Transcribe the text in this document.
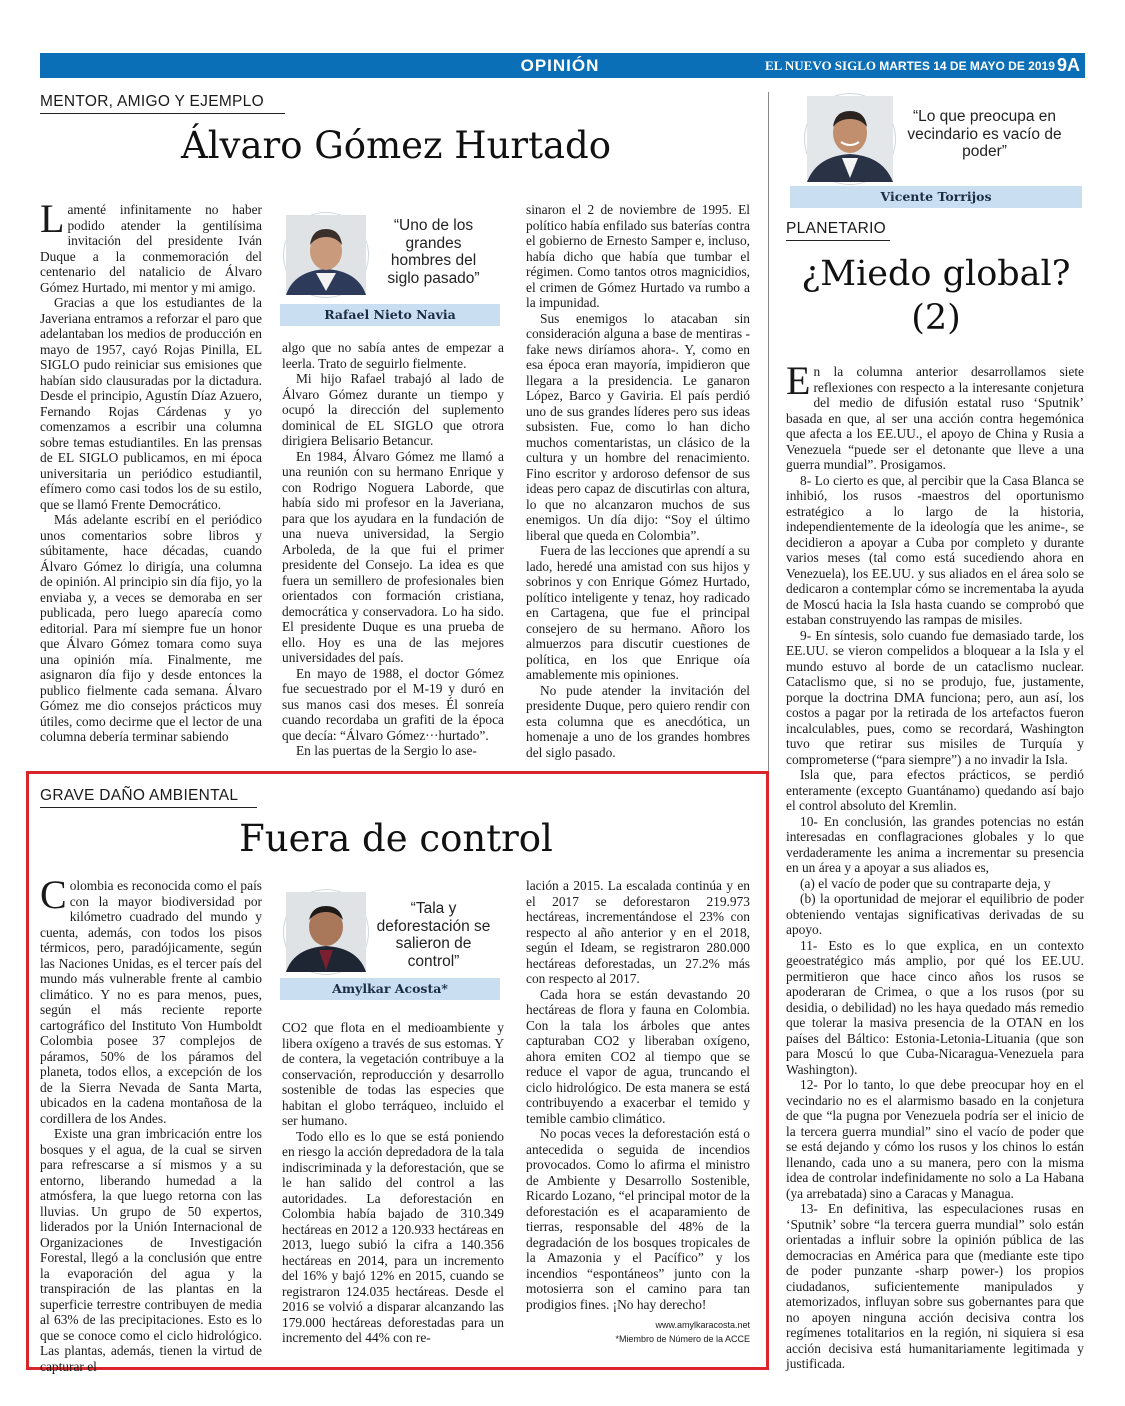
OPINIÓN	EL NUEVO SIGLO MARTES 14 DE MAYO DE 2019 9A
MENTOR, AMIGO Y EJEMPLO
Álvaro Gómez Hurtado

Lamenté infinitamente no haber podido atender la gentilísima invitación del presidente Iván Duque a la conmemoración del centenario del natalicio de Álvaro Gómez Hurtado, mi mentor y mi amigo.

Gracias a que los estudiantes de la Javeriana entramos a reforzar el paro que adelantaban los medios de producción en mayo de 1957, cayó Rojas Pinilla, EL SIGLO pudo reiniciar sus emisiones que habían sido clausuradas por la dictadura. Desde el principio, Agustín Díaz Azuero, Fernando Rojas Cárdenas y yo comenzamos a escribir una columna sobre temas estudiantiles. En las prensas de EL SIGLO publicamos, en mi época universitaria un periódico estudiantil, efímero como casi todos los de su estilo, que se llamó Frente Democrático.

Más adelante escribí en el periódico unos comentarios sobre libros y súbitamente, hace décadas, cuando Álvaro Gómez lo dirigía, una columna de opinión. Al principio sin día fijo, yo la enviaba y, a veces se demoraba en ser publicada, pero luego aparecía como editorial. Para mí siempre fue un honor que Álvaro Gómez tomara como suya una opinión mía. Finalmente, me asignaron día fijo y desde entonces la publico fielmente cada semana. Álvaro Gómez me dio consejos prácticos muy útiles, como decirme que el lector de una columna debería terminar sabiendo

“Uno de los grandes hombres del siglo pasado”
Rafael Nieto Navia

algo que no sabía antes de empezar a leerla. Trato de seguirlo fielmente.

Mi hijo Rafael trabajó al lado de Álvaro Gómez durante un tiempo y ocupó la dirección del suplemento dominical de EL SIGLO que otrora dirigiera Belisario Betancur.

En 1984, Álvaro Gómez me llamó a una reunión con su hermano Enrique y con Rodrigo Noguera Laborde, que había sido mi profesor en la Javeriana, para que los ayudara en la fundación de una nueva universidad, la Sergio Arboleda, de la que fui el primer presidente del Consejo. La idea es que fuera un semillero de profesionales bien orientados con formación cristiana, democrática y conservadora. Lo ha sido. El presidente Duque es una prueba de ello. Hoy es una de las mejores universidades del país.

En mayo de 1988, el doctor Gómez fue secuestrado por el M-19 y duró en sus manos casi dos meses. Él sonreía cuando recordaba un grafiti de la época que decía: “Álvaro Gómez···hurtado”.

En las puertas de la Sergio lo ase-

sinaron el 2 de noviembre de 1995. El político había enfilado sus baterías contra el gobierno de Ernesto Samper e, incluso, había dicho que había que tumbar el régimen. Como tantos otros magnicidios, el crimen de Gómez Hurtado va rumbo a la impunidad.

Sus enemigos lo atacaban sin consideración alguna a base de mentiras -fake news diríamos ahora-. Y, como en esa época eran mayoría, impidieron que llegara a la presidencia. Le ganaron López, Barco y Gaviria. El país perdió uno de sus grandes líderes pero sus ideas subsisten. Fue, como lo han dicho muchos comentaristas, un clásico de la cultura y un hombre del renacimiento. Fino escritor y ardoroso defensor de sus ideas pero capaz de discutirlas con altura, lo que no alcanzaron muchos de sus enemigos. Un día dijo: “Soy el último liberal que queda en Colombia”.

Fuera de las lecciones que aprendí a su lado, heredé una amistad con sus hijos y sobrinos y con Enrique Gómez Hurtado, político inteligente y tenaz, hoy radicado en Cartagena, que fue el principal consejero de su hermano. Añoro los almuerzos para discutir cuestiones de política, en los que Enrique oía amablemente mis opiniones.

No pude atender la invitación del presidente Duque, pero quiero rendir con esta columna que es anecdótica, un homenaje a uno de los grandes hombres del siglo pasado.

GRAVE DAÑO AMBIENTAL
Fuera de control

Colombia es reconocida como el país con la mayor biodiversidad por kilómetro cuadrado del mundo y cuenta, además, con todos los pisos térmicos, pero, paradójicamente, según las Naciones Unidas, es el tercer país del mundo más vulnerable frente al cambio climático. Y no es para menos, pues, según el más reciente reporte cartográfico del Instituto Von Humboldt Colombia posee 37 complejos de páramos, 50% de los páramos del planeta, todos ellos, a excepción de los de la Sierra Nevada de Santa Marta, ubicados en la cadena montañosa de la cordillera de los Andes.

Existe una gran imbricación entre los bosques y el agua, de la cual se sirven para refrescarse a sí mismos y a su entorno, liberando humedad a la atmósfera, la que luego retorna con las lluvias. Un grupo de 50 expertos, liderados por la Unión Internacional de Organizaciones de Investigación Forestal, llegó a la conclusión que entre la evaporación del agua y la transpiración de las plantas en la superficie terrestre contribuyen de media al 63% de las precipitaciones. Esto es lo que se conoce como el ciclo hidrológico. Las plantas, además, tienen la virtud de capturar el

“Tala y deforestación se salieron de control”
Amylkar Acosta*

CO2 que flota en el medioambiente y libera oxígeno a través de sus estomas. Y de contera, la vegetación contribuye a la conservación, reproducción y desarrollo sostenible de todas las especies que habitan el globo terráqueo, incluido el ser humano.

Todo ello es lo que se está poniendo en riesgo la acción depredadora de la tala indiscriminada y la deforestación, que se le han salido del control a las autoridades. La deforestación en Colombia había bajado de 310.349 hectáreas en 2012 a 120.933 hectáreas en 2013, luego subió la cifra a 140.356 hectáreas en 2014, para un incremento del 16% y bajó 12% en 2015, cuando se registraron 124.035 hectáreas. Desde el 2016 se volvió a disparar alcanzando las 179.000 hectáreas deforestadas para un incremento del 44% con re-

lación a 2015. La escalada continúa y en el 2017 se deforestaron 219.973 hectáreas, incrementándose el 23% con respecto al año anterior y en el 2018, según el Ideam, se registraron 280.000 hectáreas deforestadas, un 27.2% más con respecto al 2017.

Cada hora se están devastando 20 hectáreas de flora y fauna en Colombia. Con la tala los árboles que antes capturaban CO2 y liberaban oxígeno, ahora emiten CO2 al tiempo que se reduce el vapor de agua, truncando el ciclo hidrológico. De esta manera se está contribuyendo a exacerbar el temido y temible cambio climático.

No pocas veces la deforestación está o antecedida o seguida de incendios provocados. Como lo afirma el ministro de Ambiente y Desarrollo Sostenible, Ricardo Lozano, “el principal motor de la deforestación es el acaparamiento de tierras, responsable del 48% de la degradación de los bosques tropicales de la Amazonia y el Pacífico” y los incendios “espontáneos” junto con la motosierra son el camino para tan prodigios fines. ¡No hay derecho!

www.amylkaracosta.net
*Miembro de Número de la ACCE
“Lo que preocupa en vecindario es vacío de poder”
Vicente Torrijos
PLANETARIO
¿Miedo global?
(2)

En la columna anterior desarrollamos siete reflexiones con respecto a la interesante conjetura del medio de difusión estatal ruso ‘Sputnik’ basada en que, al ser una acción contra hegemónica que afecta a los EE.UU., el apoyo de China y Rusia a Venezuela “puede ser el detonante que lleve a una guerra mundial”. Prosigamos.

8- Lo cierto es que, al percibir que la Casa Blanca se inhibió, los rusos -maestros del oportunismo estratégico a lo largo de la historia, independientemente de la ideología que les anime-, se decidieron a apoyar a Cuba por completo y durante varios meses (tal como está sucediendo ahora en Venezuela), los EE.UU. y sus aliados en el área solo se dedicaron a contemplar cómo se incrementaba la ayuda de Moscú hacia la Isla hasta cuando se comprobó que estaban construyendo las rampas de misiles.

9- En síntesis, solo cuando fue demasiado tarde, los EE.UU. se vieron compelidos a bloquear a la Isla y el mundo estuvo al borde de un cataclismo nuclear. Cataclismo que, si no se produjo, fue, justamente, porque la doctrina DMA funciona; pero, aun así, los costos a pagar por la retirada de los artefactos fueron incalculables, pues, como se recordará, Washington tuvo que retirar sus misiles de Turquía y comprometerse (“para siempre”) a no invadir la Isla.

Isla que, para efectos prácticos, se perdió enteramente (excepto Guantánamo) quedando así bajo el control absoluto del Kremlin.

10- En conclusión, las grandes potencias no están interesadas en conflagraciones globales y lo que verdaderamente les anima a incrementar su presencia en un área y a apoyar a sus aliados es,

(a) el vacío de poder que su contraparte deja, y

(b) la oportunidad de mejorar el equilibrio de poder obteniendo ventajas significativas derivadas de su apoyo.

11- Esto es lo que explica, en un contexto geoestratégico más amplio, por qué los EE.UU. permitieron que hace cinco años los rusos se apoderaran de Crimea, o que a los rusos (por su desidia, o debilidad) no les haya quedado más remedio que tolerar la masiva presencia de la OTAN en los países del Báltico: Estonia-Letonia-Lituania (que son para Moscú lo que Cuba-Nicaragua-Venezuela para Washington).

12- Por lo tanto, lo que debe preocupar hoy en el vecindario no es el alarmismo basado en la conjetura de que “la pugna por Venezuela podría ser el inicio de la tercera guerra mundial” sino el vacío de poder que se está dejando y cómo los rusos y los chinos lo están llenando, cada uno a su manera, pero con la misma idea de controlar indefinidamente no solo a La Habana (ya arrebatada) sino a Caracas y Managua.

13- En definitiva, las especulaciones rusas en ‘Sputnik’ sobre “la tercera guerra mundial” solo están orientadas a influir sobre la opinión pública de las democracias en América para que (mediante este tipo de poder punzante -sharp power-) los propios ciudadanos, suficientemente manipulados y atemorizados, influyan sobre sus gobernantes para que no apoyen ninguna acción decisiva contra los regímenes totalitarios en la región, ni siquiera si esa acción decisiva está humanitariamente legitimada y justificada.
